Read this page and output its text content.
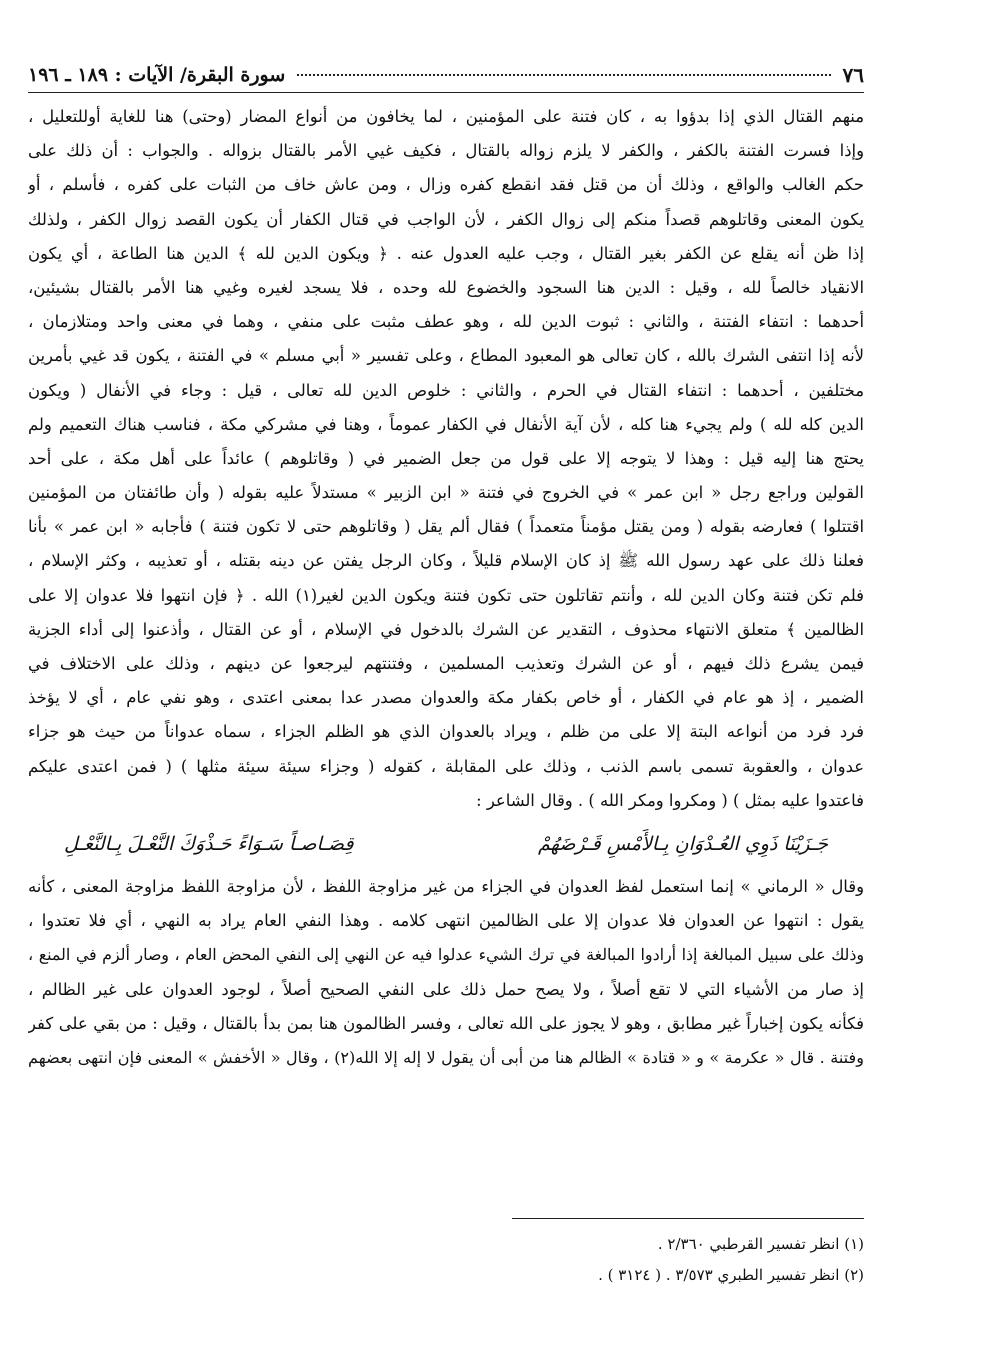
٧٦
سورة البقرة/ الآيات : ١٨٩ ـ ١٩٦
منهم القتال الذي إذا بدؤوا به ، كان فتنة على المؤمنين ، لما يخافون من أنواع المضار (وحتى) هنا للغاية أوللتعليل ،
وإذا فسرت الفتنة بالكفر ، والكفر لا يلزم زواله بالقتال ، فكيف غيي الأمر بالقتال بزواله . والجواب : أن ذلك على
حكم الغالب والواقع ، وذلك أن من قتل فقد انقطع كفره وزال ، ومن عاش خاف من الثبات على كفره ، فأسلم ، أو
يكون المعنى وقاتلوهم قصداً منكم إلى زوال الكفر ، لأن الواجب في قتال الكفار أن يكون القصد زوال الكفر ، ولذلك
إذا ظن أنه يقلع عن الكفر بغير القتال ، وجب عليه العدول عنه . ﴿ ويكون الدين لله ﴾ الدين هنا الطاعة ، أي يكون
الانقياد خالصاً لله ، وقيل : الدين هنا السجود والخضوع لله وحده ، فلا يسجد لغيره وغيي هنا الأمر بالقتال بشيئين،
أحدهما : انتفاء الفتنة ، والثاني : ثبوت الدين لله ، وهو عطف مثبت على منفي ، وهما في معنى واحد ومتلازمان ،
لأنه إذا انتفى الشرك بالله ، كان تعالى هو المعبود المطاع ، وعلى تفسير « أبي مسلم » في الفتنة ، يكون قد غيي بأمرين
مختلفين ، أحدهما : انتفاء القتال في الحرم ، والثاني : خلوص الدين لله تعالى ، قيل : وجاء في الأنفال ( ويكون
الدين كله لله ) ولم يجيء هنا كله ، لأن آية الأنفال في الكفار عموماً ، وهنا في مشركي مكة ، فناسب هناك التعميم ولم
يحتج هنا إليه قيل : وهذا لا يتوجه إلا على قول من جعل الضمير في ( وقاتلوهم ) عائداً على أهل مكة ، على أحد
القولين وراجع رجل « ابن عمر » في الخروج في فتنة « ابن الزبير » مستدلاً عليه بقوله ( وأن طائفتان من المؤمنين
اقتتلوا ) فعارضه بقوله ( ومن يقتل مؤمناً متعمداً ) فقال ألم يقل ( وقاتلوهم حتى لا تكون فتنة ) فأجابه « ابن عمر » بأنا
فعلنا ذلك على عهد رسول الله ﷺ إذ كان الإسلام قليلاً ، وكان الرجل يفتن عن دينه بقتله ، أو تعذيبه ، وكثر الإسلام ،
فلم تكن فتنة وكان الدين لله ، وأنتم تقاتلون حتى تكون فتنة ويكون الدين لغير(١) الله . ﴿ فإن انتهوا فلا عدوان إلا على
الظالمين ﴾ متعلق الانتهاء محذوف ، التقدير عن الشرك بالدخول في الإسلام ، أو عن القتال ، وأذعنوا إلى أداء الجزية
فيمن يشرع ذلك فيهم ، أو عن الشرك وتعذيب المسلمين ، وفتنتهم ليرجعوا عن دينهم ، وذلك على الاختلاف في
الضمير ، إذ هو عام في الكفار ، أو خاص بكفار مكة والعدوان مصدر عدا بمعنى اعتدى ، وهو نفي عام ، أي لا يؤخذ
فرد فرد من أنواعه البتة إلا على من ظلم ، ويراد بالعدوان الذي هو الظلم الجزاء ، سماه عدواناً من حيث هو جزاء
عدوان ، والعقوبة تسمى باسم الذنب ، وذلك على المقابلة ، كقوله ( وجزاء سيئة سيئة مثلها ) ( فمن اعتدى عليكم
فاعتدوا عليه بمثل ) ( ومكروا ومكر الله ) . وقال الشاعر :
جَـزَيْنَا ذَوِي العُـدْوَانِ بِـالأَمْسِ قَـرْضَهُمْ
قِصَـاصـاً سَـوَاءً حَـذْوَكَ النَّعْـلَ بِـالنَّعْـلِ
وقال « الرماني » إنما استعمل لفظ العدوان في الجزاء من غير مزاوجة اللفظ ، لأن مزاوجة اللفظ مزاوجة المعنى ، كأنه
يقول : انتهوا عن العدوان فلا عدوان إلا على الظالمين انتهى كلامه . وهذا النفي العام يراد به النهي ، أي فلا تعتدوا ،
وذلك على سبيل المبالغة إذا أرادوا المبالغة في ترك الشيء عدلوا فيه عن النهي إلى النفي المحض العام ، وصار ألزم في المنع ،
إذ صار من الأشياء التي لا تقع أصلاً ، ولا يصح حمل ذلك على النفي الصحيح أصلاً ، لوجود العدوان على غير الظالم ،
فكأنه يكون إخباراً غير مطابق ، وهو لا يجوز على الله تعالى ، وفسر الظالمون هنا بمن بدأ بالقتال ، وقيل : من بقي على كفر
وفتنة . قال « عكرمة » و « قتادة » الظالم هنا من أبى أن يقول لا إله إلا الله(٢) ، وقال « الأخفش » المعنى فإن انتهى بعضهم
(١) انظر تفسير القرطبي ٢/٣٦٠ .
(٢) انظر تفسير الطبري ٣/٥٧٣ . ( ٣١٢٤ ) .
